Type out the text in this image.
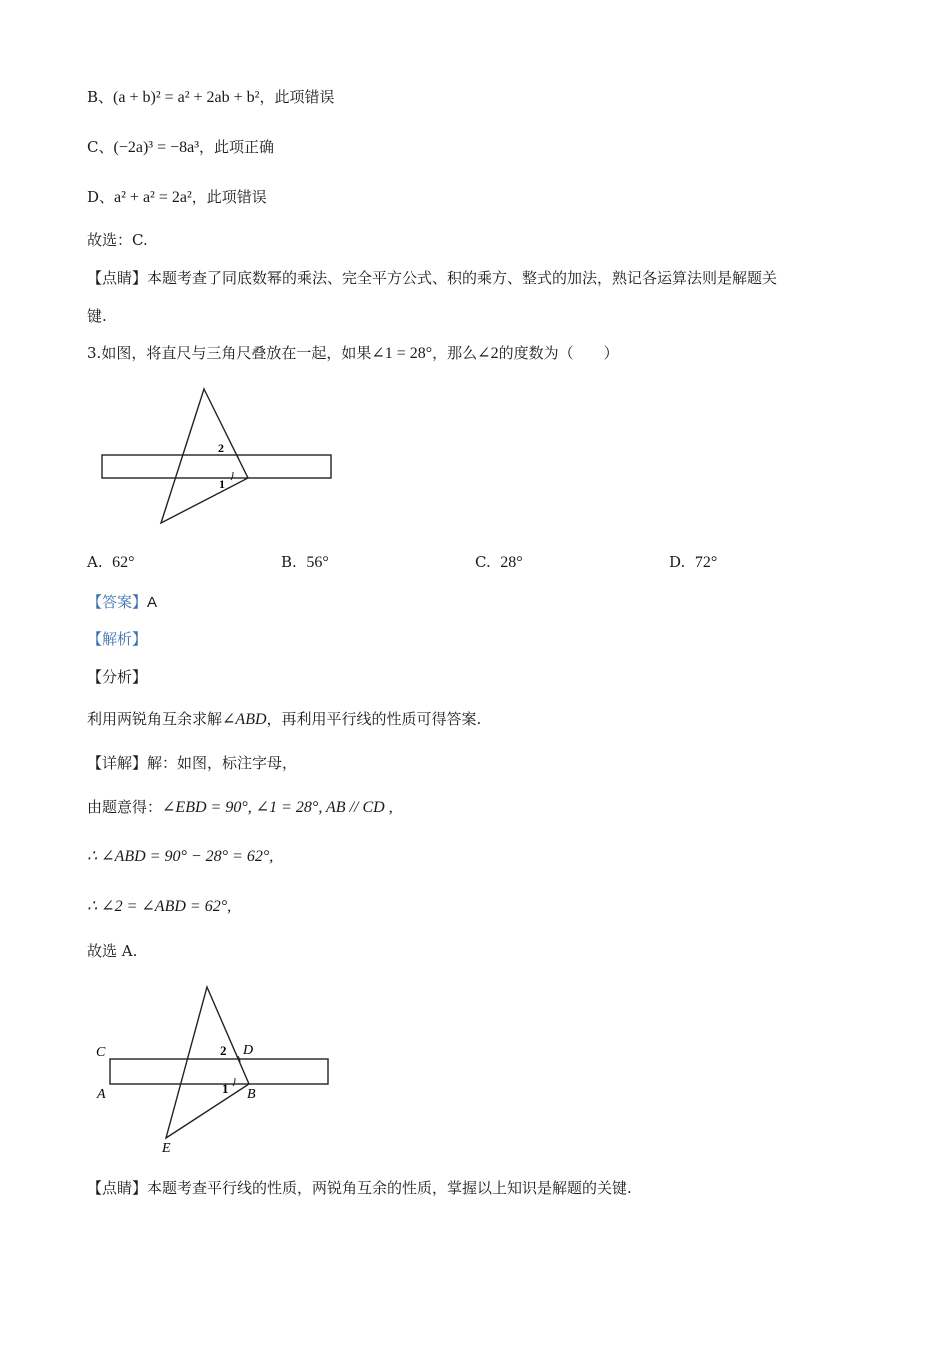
B、(a + b)² = a² + 2ab + b²，此项错误
C、(−2a)³ = −8a³，此项正确
D、a² + a² = 2a²，此项错误
故选：C.
【点睛】本题考查了同底数幂的乘法、完全平方公式、积的乘方、整式的加法，熟记各运算法则是解题关
键.
3.如图，将直尺与三角尺叠放在一起，如果∠1 = 28°，那么∠2的度数为（　　）
2
1
A. 62°	B. 56°	C. 28°	D. 72°
【答案】A
【解析】
【分析】
利用两锐角互余求解∠ABD，再利用平行线的性质可得答案.
【详解】解：如图，标注字母，
由题意得：∠EBD = 90°, ∠1 = 28°, AB // CD ,
∴ ∠ABD = 90° − 28° = 62°,
∴ ∠2 = ∠ABD = 62°,
故选 A.
2
1
C	D
A	B
E
【点睛】本题考查平行线的性质，两锐角互余的性质，掌握以上知识是解题的关键.
